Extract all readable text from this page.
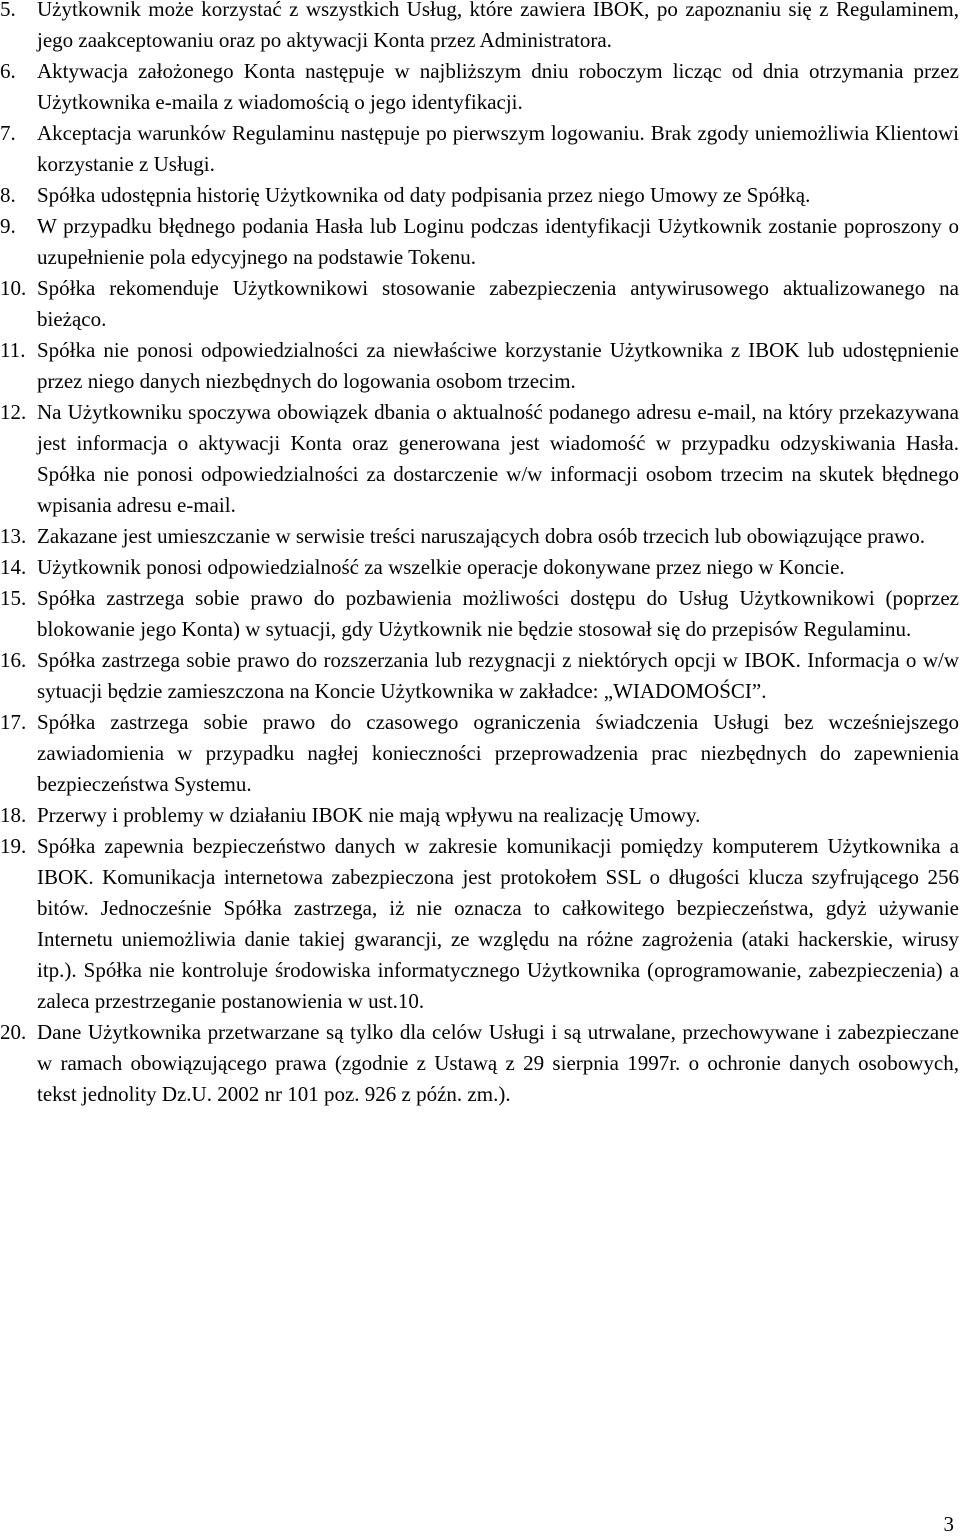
5.	Użytkownik może korzystać z wszystkich Usług, które zawiera IBOK, po zapoznaniu się z Regulaminem, jego zaakceptowaniu oraz po aktywacji Konta przez Administratora.
6.	Aktywacja założonego Konta następuje w najbliższym dniu roboczym licząc od dnia otrzymania przez Użytkownika e-maila z wiadomością o jego identyfikacji.
7.	Akceptacja warunków Regulaminu następuje po pierwszym logowaniu. Brak zgody uniemożliwia Klientowi korzystanie z Usługi.
8.	Spółka udostępnia historię Użytkownika od daty podpisania przez niego Umowy ze Spółką.
9.	W przypadku błędnego podania Hasła lub Loginu podczas identyfikacji Użytkownik zostanie poproszony o uzupełnienie pola edycyjnego na podstawie Tokenu.
10. Spółka rekomenduje Użytkownikowi stosowanie zabezpieczenia antywirusowego aktualizowanego na bieżąco.
11. Spółka nie ponosi odpowiedzialności za niewłaściwe korzystanie Użytkownika z IBOK lub udostępnienie przez niego danych niezbędnych do logowania osobom trzecim.
12. Na Użytkowniku spoczywa obowiązek dbania o aktualność podanego adresu e-mail, na który przekazywana jest informacja o aktywacji Konta oraz generowana jest wiadomość w przypadku odzyskiwania Hasła. Spółka nie ponosi odpowiedzialności za dostarczenie w/w informacji osobom trzecim na skutek błędnego wpisania adresu e-mail.
13. Zakazane jest umieszczanie w serwisie treści naruszających dobra osób trzecich lub obowiązujące prawo.
14. Użytkownik ponosi odpowiedzialność za wszelkie operacje dokonywane przez niego w Koncie.
15. Spółka zastrzega sobie prawo do pozbawienia możliwości dostępu do Usług Użytkownikowi (poprzez blokowanie jego Konta) w sytuacji, gdy Użytkownik nie będzie stosował się do przepisów Regulaminu.
16. Spółka zastrzega sobie prawo do rozszerzania lub rezygnacji z niektórych opcji w IBOK. Informacja o w/w sytuacji będzie zamieszczona na Koncie Użytkownika w zakładce: „WIADOMOŚCI”.
17. Spółka zastrzega sobie prawo do czasowego ograniczenia świadczenia Usługi bez wcześniejszego zawiadomienia w przypadku nagłej konieczności przeprowadzenia prac niezbędnych do zapewnienia bezpieczeństwa Systemu.
18. Przerwy i problemy w działaniu IBOK nie mają wpływu na realizację Umowy.
19. Spółka zapewnia bezpieczeństwo danych w zakresie komunikacji pomiędzy komputerem Użytkownika a IBOK. Komunikacja internetowa zabezpieczona jest protokołem SSL o długości klucza szyfrującego 256 bitów. Jednocześnie Spółka zastrzega, iż nie oznacza to całkowitego bezpieczeństwa, gdyż używanie Internetu uniemożliwia danie takiej gwarancji, ze względu na różne zagrożenia (ataki hackerskie, wirusy itp.). Spółka nie kontroluje środowiska informatycznego Użytkownika (oprogramowanie, zabezpieczenia) a zaleca przestrzeganie postanowienia w ust.10.
20. Dane Użytkownika przetwarzane są tylko dla celów Usługi i są utrwalane, przechowywane i zabezpieczane w ramach obowiązującego prawa (zgodnie z Ustawą z 29 sierpnia 1997r. o ochronie danych osobowych, tekst jednolity Dz.U. 2002 nr 101 poz. 926 z późn. zm.).
3
